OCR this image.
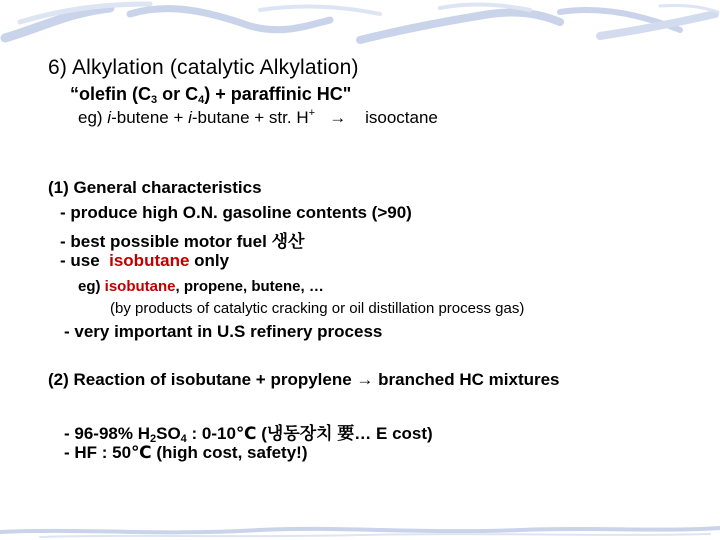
6) Alkylation (catalytic Alkylation)
“olefin ($C_3$ or $C_4$) + paraffinic HC"
eg) i-butene + i-butane + str. H+   →    isooctane
(1) General characteristics
- produce high O.N. gasoline contents (>90)
- best possible motor fuel 생산
- use  isobutane only
eg) isobutane, propene, butene, …
(by products of catalytic cracking or oil distillation process gas)
- very important in U.S refinery process
(2) Reaction of isobutane + propylene → branched HC mixtures
- 96-98% $H_2SO_4$ : 0-10℃ (냉동장치 要… E cost)
- HF : 50℃ (high cost, safety!)
